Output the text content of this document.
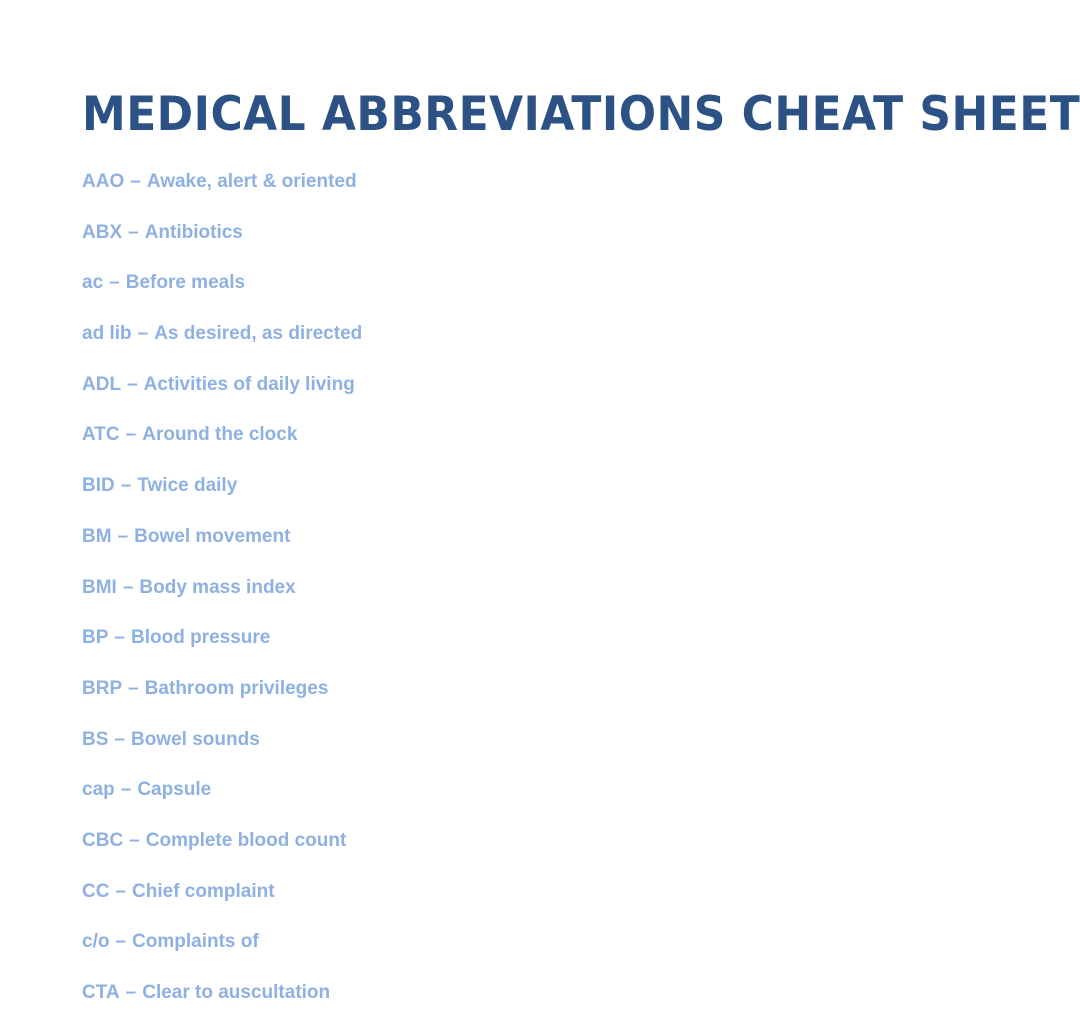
MEDICAL ABBREVIATIONS CHEAT SHEET
AAO – Awake, alert & oriented
ABX – Antibiotics
ac – Before meals
ad lib – As desired, as directed
ADL – Activities of daily living
ATC – Around the clock
BID – Twice daily
BM – Bowel movement
BMI – Body mass index
BP – Blood pressure
BRP – Bathroom privileges
BS – Bowel sounds
cap – Capsule
CBC – Complete blood count
CC – Chief complaint
c/o – Complaints of
CTA – Clear to auscultation
